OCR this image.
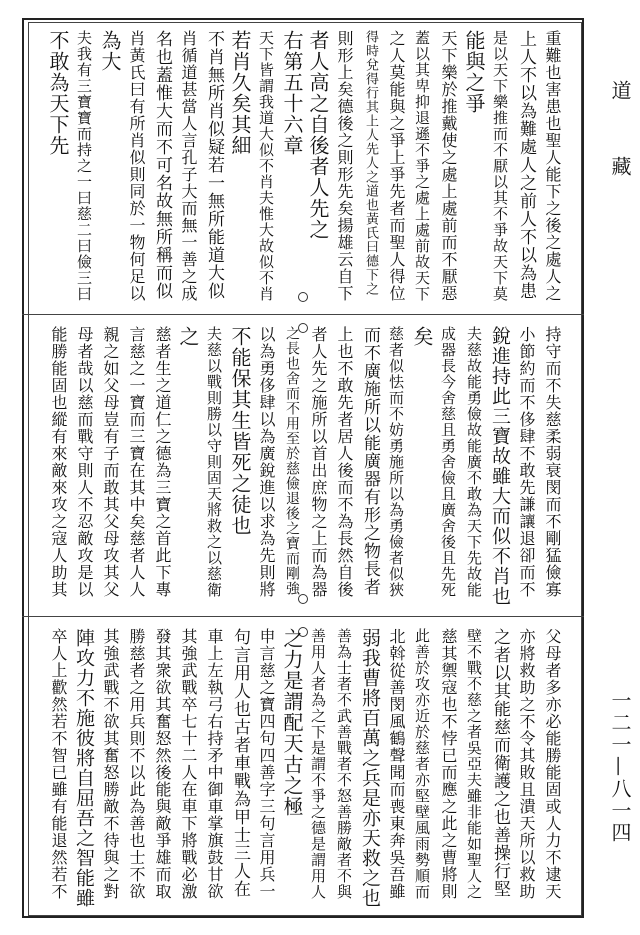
道　藏
一二一—八一四
重難也害患也聖人能下之後之處人之
上人不以為難處人之前人不以為患
是以天下樂推而不厭以其不爭故天下莫
能與之爭
天下樂於推戴使之處上處前而不厭惡
蓋以其卑抑退遜不爭之處上處前故天下
之人莫能與之爭上爭先者而聖人得位
得時兌得行其上人先人之道也黃氏曰德下之
則形上矣德後之則形先矣揚雄云自下
者人高之自後者人先之
右第五十六章
天下皆謂我道大似不肖夫惟大故似不肖
若肖久矣其細
不肖無所肖似疑若一無所能道大似
肖循道甚當人言孔子大而無一善之成
名也蓋惟大而不可名故無所稱而似
肖黃氏曰有所肖似則同於一物何足以
為大
夫我有三寶寶而持之一曰慈二曰儉三曰
不敢為天下先
持守而不失慈柔弱衰閔而不剛猛儉寡
小節約而不侈肆不敢先謙讓退卻而不
銳進持此三寶故雖大而似不肖也
夫慈故能勇儉故能廣不敢為天下先故能
成器長今舍慈且勇舍儉且廣舍後且先死
矣
慈者似怯而不妨勇施所以為勇儉者似狹
而不廣施所以能廣器有形之物長者
上也不敢先者居人後而不為長然自後
者人先之施所以首出庶物之上而為器
之長也舍而不用至於慈儉退後之寶而剛強
以為勇侈肆以為廣銳進以求為先則將
不能保其生皆死之徒也
夫慈以戰則勝以守則固天將救之以慈衛
之
慈者生之道仁之德為三寶之首此下專
言慈之一寶而三寶在其中矣慈者人人
親之如父母豈有子而敢其父母攻其父
母者哉以慈而戰守則人不忍敵攻是以
能勝能固也縱有來敵來攻之寇人助其
父母者多亦必能勝能固或人力不逮天
亦將救助之不令其敗且潰天所以救助
之者以其能慈而衛護之也善操行堅
壁不戰不慈之者吳亞夫雖非能如聖人之
慈其禦寇也不悖已而應之此之曹將則
此善於攻亦近於慈者亦堅壁風雨勢順而
北斡從善閔風鶴聲聞而喪東奔吳吾雖
弱我曹將百萬之兵是亦天救之也
善為士者不武善戰者不怒善勝敵者不與
善用人者為之下是謂不爭之德是謂用人
之力是謂配天古之極
申言慈之寶四句四善字三句言用兵一
句言用人也古者車戰為甲士三人在
車上左執弓右持矛中御車掌旗鼓甘欲
其強武戰卒七十二人在車下將戰必激
發其衆欲其奮怒然後能與敵爭雄而取
勝慈者之用兵則不以此為善也士不欲
其強武戰不欲其奮怒勝敵不待與之對
陣攻力不施彼將自屈吾之智能雖
卒人上歡然若不智已雖有能退然若不
